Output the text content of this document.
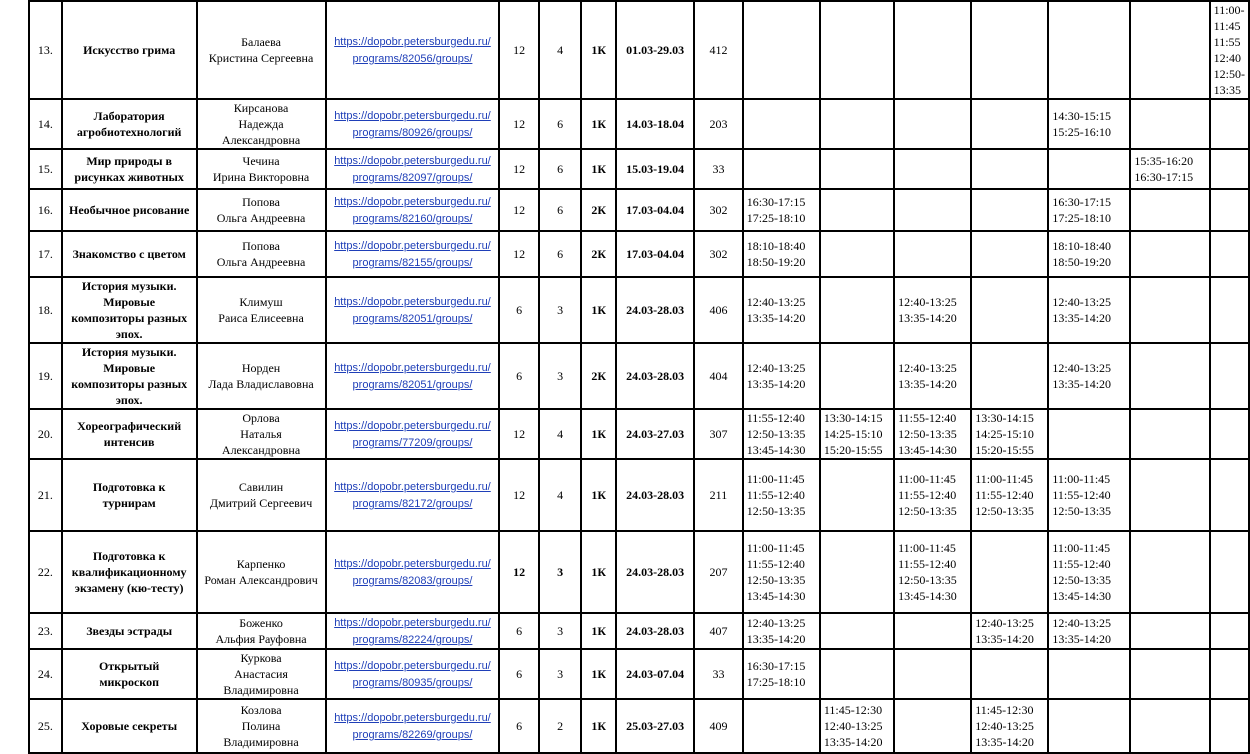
13.	Искусство грима	Балаева
Кристина Сергеевна	https://dopobr.petersburgedu.ru/
programs/82056/groups/	12	4	1К	01.03-29.03	412							11:00-11:45
11:55 12:40
12:50-13:35
14.	Лаборатория
агробиотехнологий	Кирсанова
Надежда
Александровна	https://dopobr.petersburgedu.ru/
programs/80926/groups/	12	6	1К	14.03-18.04	203					14:30-15:15
15:25-16:10		
15.	Мир природы в
рисунках животных	Чечина
Ирина Викторовна	https://dopobr.petersburgedu.ru/
programs/82097/groups/	12	6	1К	15.03-19.04	33						15:35-16:20
16:30-17:15	
16.	Необычное рисование	Попова
Ольга Андреевна	https://dopobr.petersburgedu.ru/
programs/82160/groups/	12	6	2К	17.03-04.04	302	16:30-17:15
17:25-18:10				16:30-17:15
17:25-18:10		
17.	Знакомство с цветом	Попова
Ольга Андреевна	https://dopobr.petersburgedu.ru/
programs/82155/groups/	12	6	2К	17.03-04.04	302	18:10-18:40
18:50-19:20				18:10-18:40
18:50-19:20		
18.	История музыки.
Мировые
композиторы разных
эпох.	Климуш
Раиса Елисеевна	https://dopobr.petersburgedu.ru/
programs/82051/groups/	6	3	1К	24.03-28.03	406	12:40-13:25
13:35-14:20		12:40-13:25
13:35-14:20		12:40-13:25
13:35-14:20		
19.	История музыки.
Мировые
композиторы разных
эпох.	Норден
Лада Владиславовна	https://dopobr.petersburgedu.ru/
programs/82051/groups/	6	3	2К	24.03-28.03	404	12:40-13:25
13:35-14:20		12:40-13:25
13:35-14:20		12:40-13:25
13:35-14:20		
20.	Хореографический
интенсив	Орлова
Наталья
Александровна	https://dopobr.petersburgedu.ru/
programs/77209/groups/	12	4	1К	24.03-27.03	307	11:55-12:40
12:50-13:35
13:45-14:30	13:30-14:15
14:25-15:10
15:20-15:55	11:55-12:40
12:50-13:35
13:45-14:30	13:30-14:15
14:25-15:10
15:20-15:55			
21.	Подготовка к
турнирам	Савилин
Дмитрий Сергеевич	https://dopobr.petersburgedu.ru/
programs/82172/groups/	12	4	1К	24.03-28.03	211	11:00-11:45
11:55-12:40
12:50-13:35		11:00-11:45
11:55-12:40
12:50-13:35	11:00-11:45
11:55-12:40
12:50-13:35	11:00-11:45
11:55-12:40
12:50-13:35		
22.	Подготовка к
квалификационному
экзамену (кю-тесту)	Карпенко
Роман Александрович	https://dopobr.petersburgedu.ru/
programs/82083/groups/	12	3	1К	24.03-28.03	207	11:00-11:45
11:55-12:40
12:50-13:35
13:45-14:30		11:00-11:45
11:55-12:40
12:50-13:35
13:45-14:30		11:00-11:45
11:55-12:40
12:50-13:35
13:45-14:30		
23.	Звезды эстрады	Боженко
Альфия Рауфовна	https://dopobr.petersburgedu.ru/
programs/82224/groups/	6	3	1К	24.03-28.03	407	12:40-13:25
13:35-14:20			12:40-13:25
13:35-14:20	12:40-13:25
13:35-14:20		
24.	Открытый
микроскоп	Куркова
Анастасия
Владимировна	https://dopobr.petersburgedu.ru/
programs/80935/groups/	6	3	1К	24.03-07.04	33	16:30-17:15
17:25-18:10						
25.	Хоровые секреты	Козлова
Полина
Владимировна	https://dopobr.petersburgedu.ru/
programs/82269/groups/	6	2	1К	25.03-27.03	409		11:45-12:30
12:40-13:25
13:35-14:20		11:45-12:30
12:40-13:25
13:35-14:20			
